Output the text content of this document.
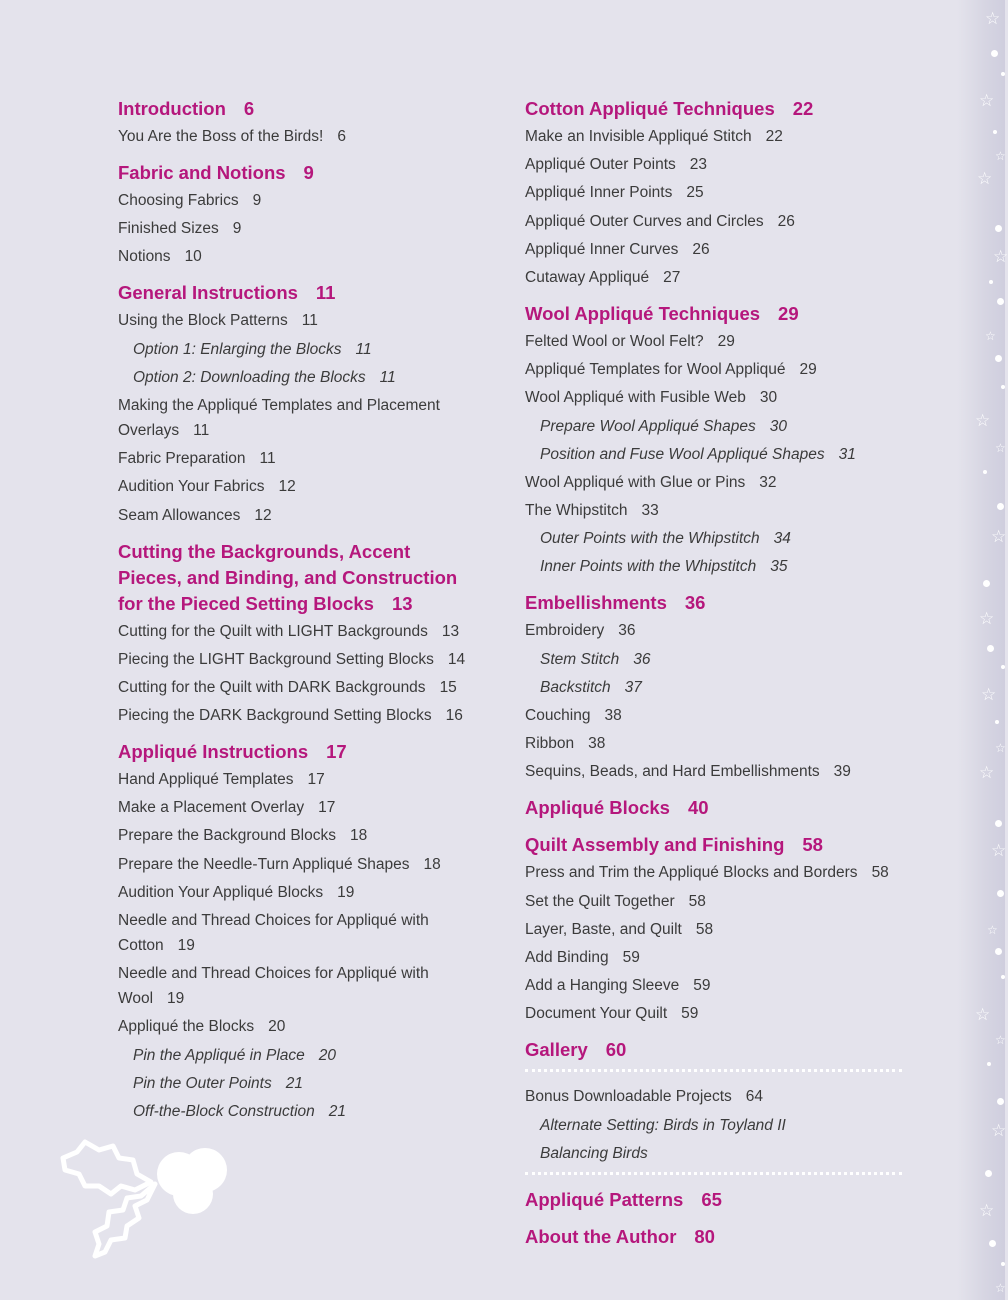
Introduction 6
You Are the Boss of the Birds! 6
Fabric and Notions 9
Choosing Fabrics 9
Finished Sizes 9
Notions 10
General Instructions 11
Using the Block Patterns 11
Option 1: Enlarging the Blocks 11
Option 2: Downloading the Blocks 11
Making the Appliqué Templates and Placement Overlays 11
Fabric Preparation 11
Audition Your Fabrics 12
Seam Allowances 12
Cutting the Backgrounds, Accent Pieces, and Binding, and Construction for the Pieced Setting Blocks 13
Cutting for the Quilt with LIGHT Backgrounds 13
Piecing the LIGHT Background Setting Blocks 14
Cutting for the Quilt with DARK Backgrounds 15
Piecing the DARK Background Setting Blocks 16
Appliqué Instructions 17
Hand Appliqué Templates 17
Make a Placement Overlay 17
Prepare the Background Blocks 18
Prepare the Needle-Turn Appliqué Shapes 18
Audition Your Appliqué Blocks 19
Needle and Thread Choices for Appliqué with Cotton 19
Needle and Thread Choices for Appliqué with Wool 19
Appliqué the Blocks 20
Pin the Appliqué in Place 20
Pin the Outer Points 21
Off-the-Block Construction 21
Cotton Appliqué Techniques 22
Make an Invisible Appliqué Stitch 22
Appliqué Outer Points 23
Appliqué Inner Points 25
Appliqué Outer Curves and Circles 26
Appliqué Inner Curves 26
Cutaway Appliqué 27
Wool Appliqué Techniques 29
Felted Wool or Wool Felt? 29
Appliqué Templates for Wool Appliqué 29
Wool Appliqué with Fusible Web 30
Prepare Wool Appliqué Shapes 30
Position and Fuse Wool Appliqué Shapes 31
Wool Appliqué with Glue or Pins 32
The Whipstitch 33
Outer Points with the Whipstitch 34
Inner Points with the Whipstitch 35
Embellishments 36
Embroidery 36
Stem Stitch 36
Backstitch 37
Couching 38
Ribbon 38
Sequins, Beads, and Hard Embellishments 39
Appliqué Blocks 40
Quilt Assembly and Finishing 58
Press and Trim the Appliqué Blocks and Borders 58
Set the Quilt Together 58
Layer, Baste, and Quilt 58
Add Binding 59
Add a Hanging Sleeve 59
Document Your Quilt 59
Gallery 60
Bonus Downloadable Projects 64
Alternate Setting: Birds in Toyland II
Balancing Birds
Appliqué Patterns 65
About the Author 80
☆
☆
☆
☆
☆
☆
☆
☆
☆
☆
☆
☆
☆
☆
☆
☆
☆
☆
☆
☆
